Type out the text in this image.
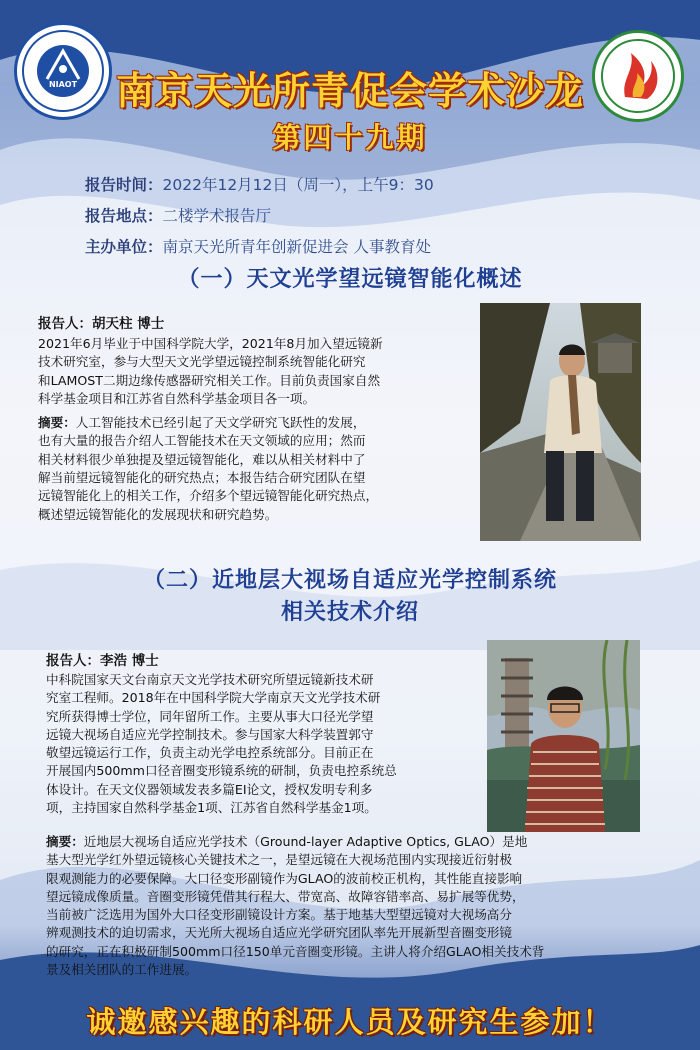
NIAOT	南京天光所青促会学术沙龙
第四十九期
报告时间：2022年12月12日（周一），上午9：30
报告地点：二楼学术报告厅
主办单位：南京天光所青年创新促进会 人事教育处
（一）天文光学望远镜智能化概述
报告人：胡天柱 博士
2021年6月毕业于中国科学院大学，2021年8月加入望远镜新
技术研究室，参与大型天文光学望远镜控制系统智能化研究
和LAMOST二期边缘传感器研究相关工作。目前负责国家自然
科学基金项目和江苏省自然科学基金项目各一项。
摘要：人工智能技术已经引起了天文学研究飞跃性的发展，
也有大量的报告介绍人工智能技术在天文领域的应用；然而
相关材料很少单独提及望远镜智能化，难以从相关材料中了
解当前望远镜智能化的研究热点；本报告结合研究团队在望
远镜智能化上的相关工作，介绍多个望远镜智能化研究热点，
概述望远镜智能化的发展现状和研究趋势。
（二）近地层大视场自适应光学控制系统
相关技术介绍
报告人：李浩 博士
中科院国家天文台南京天文光学技术研究所望远镜新技术研
究室工程师。2018年在中国科学院大学南京天文光学技术研
究所获得博士学位，同年留所工作。主要从事大口径光学望
远镜大视场自适应光学控制技术。参与国家大科学装置郭守
敬望远镜运行工作，负责主动光学电控系统部分。目前正在
开展国内500mm口径音圈变形镜系统的研制，负责电控系统总
体设计。在天文仪器领域发表多篇EI论文，授权发明专利多
项，主持国家自然科学基金1项、江苏省自然科学基金1项。
摘要：近地层大视场自适应光学技术（Ground-layer Adaptive Optics, GLAO）是地
基大型光学红外望远镜核心关键技术之一，是望远镜在大视场范围内实现接近衍射极
限观测能力的必要保障。大口径变形副镜作为GLAO的波前校正机构，其性能直接影响
望远镜成像质量。音圈变形镜凭借其行程大、带宽高、故障容错率高、易扩展等优势，
当前被广泛选用为国外大口径变形副镜设计方案。基于地基大型望远镜对大视场高分
辨观测技术的迫切需求，天光所大视场自适应光学研究团队率先开展新型音圈变形镜
的研究，正在积极研制500mm口径150单元音圈变形镜。主讲人将介绍GLAO相关技术背
景及相关团队的工作进展。
诚邀感兴趣的科研人员及研究生参加！
